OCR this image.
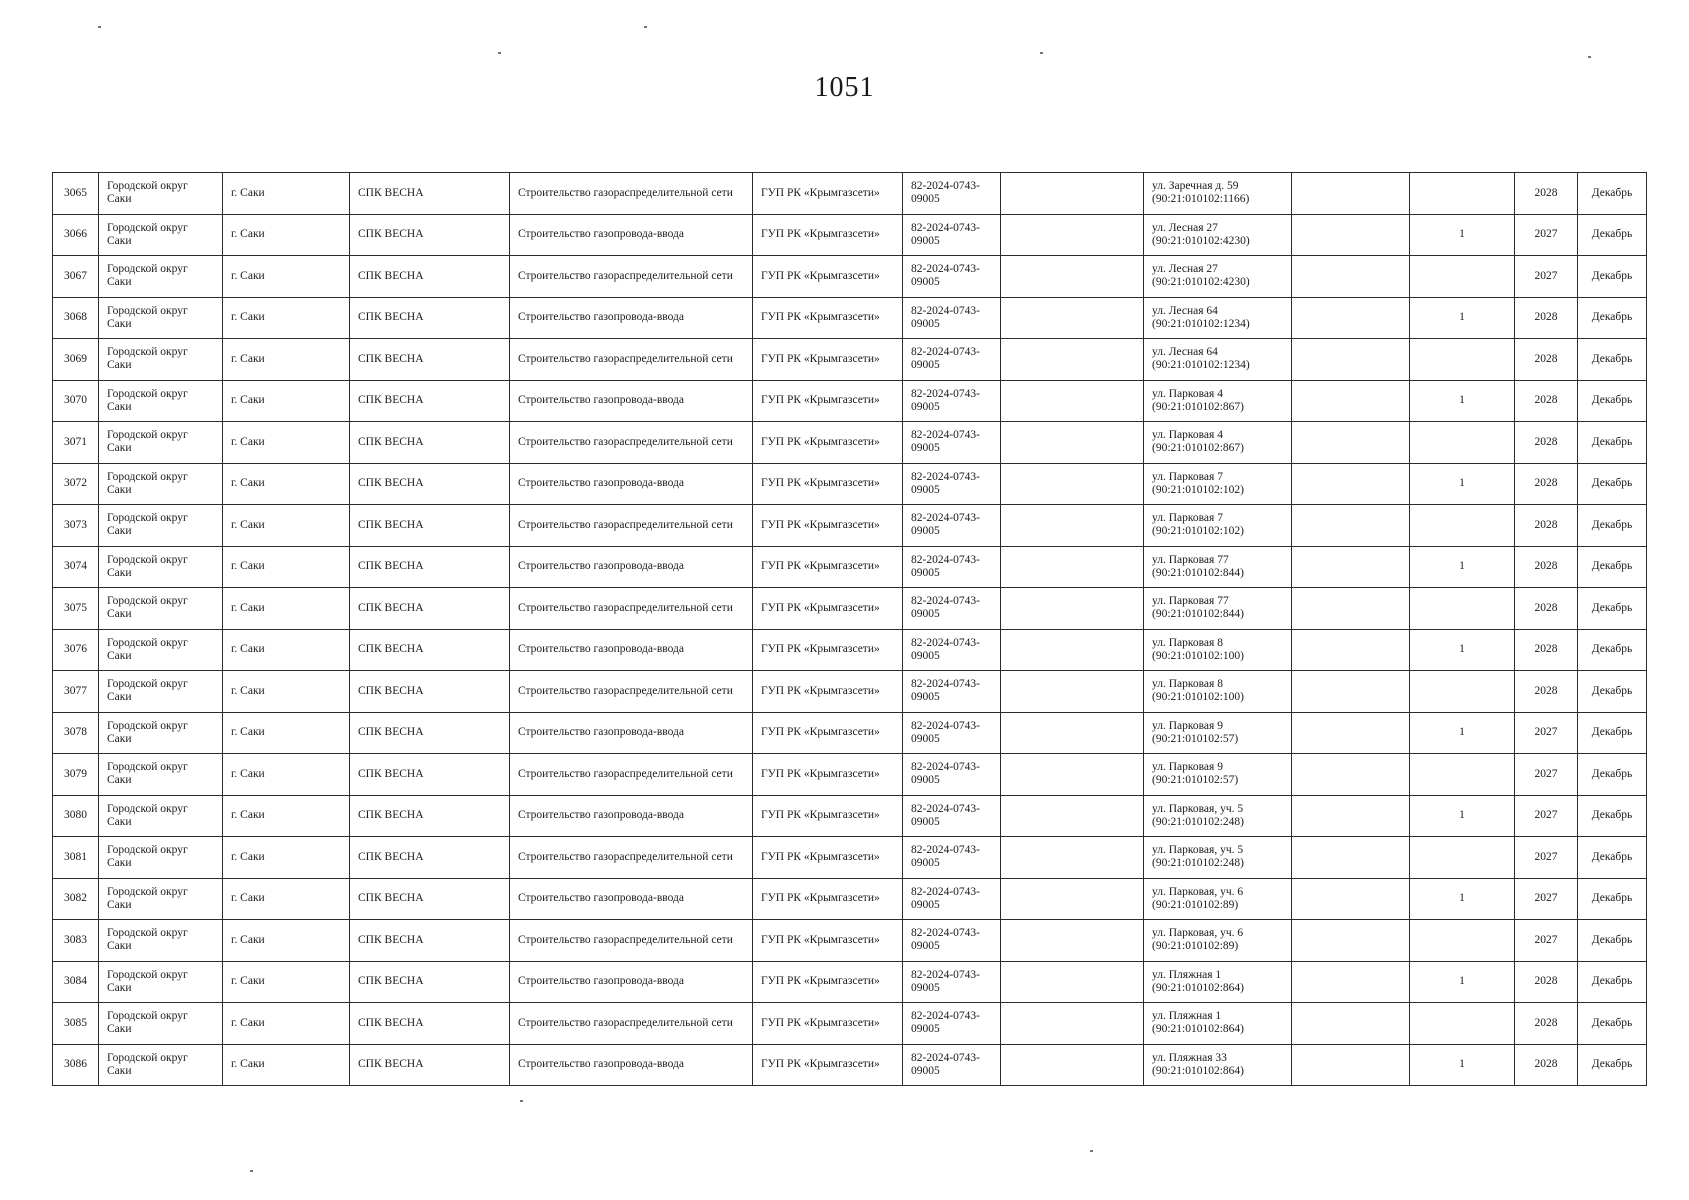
1051
3065	Городской округ Саки	г. Саки	СПК ВЕСНА	Строительство газораспределительной сети	ГУП РК «Крымгазсети»	82-2024-0743-09005		ул. Заречная д. 59 (90:21:010102:1166)			2028	Декабрь
3066	Городской округ Саки	г. Саки	СПК ВЕСНА	Строительство газопровода-ввода	ГУП РК «Крымгазсети»	82-2024-0743-09005		ул. Лесная 27 (90:21:010102:4230)		1	2027	Декабрь
3067	Городской округ Саки	г. Саки	СПК ВЕСНА	Строительство газораспределительной сети	ГУП РК «Крымгазсети»	82-2024-0743-09005		ул. Лесная 27 (90:21:010102:4230)			2027	Декабрь
3068	Городской округ Саки	г. Саки	СПК ВЕСНА	Строительство газопровода-ввода	ГУП РК «Крымгазсети»	82-2024-0743-09005		ул. Лесная 64 (90:21:010102:1234)		1	2028	Декабрь
3069	Городской округ Саки	г. Саки	СПК ВЕСНА	Строительство газораспределительной сети	ГУП РК «Крымгазсети»	82-2024-0743-09005		ул. Лесная 64 (90:21:010102:1234)			2028	Декабрь
3070	Городской округ Саки	г. Саки	СПК ВЕСНА	Строительство газопровода-ввода	ГУП РК «Крымгазсети»	82-2024-0743-09005		ул. Парковая 4 (90:21:010102:867)		1	2028	Декабрь
3071	Городской округ Саки	г. Саки	СПК ВЕСНА	Строительство газораспределительной сети	ГУП РК «Крымгазсети»	82-2024-0743-09005		ул. Парковая 4 (90:21:010102:867)			2028	Декабрь
3072	Городской округ Саки	г. Саки	СПК ВЕСНА	Строительство газопровода-ввода	ГУП РК «Крымгазсети»	82-2024-0743-09005		ул. Парковая 7 (90:21:010102:102)		1	2028	Декабрь
3073	Городской округ Саки	г. Саки	СПК ВЕСНА	Строительство газораспределительной сети	ГУП РК «Крымгазсети»	82-2024-0743-09005		ул. Парковая 7 (90:21:010102:102)			2028	Декабрь
3074	Городской округ Саки	г. Саки	СПК ВЕСНА	Строительство газопровода-ввода	ГУП РК «Крымгазсети»	82-2024-0743-09005		ул. Парковая 77 (90:21:010102:844)		1	2028	Декабрь
3075	Городской округ Саки	г. Саки	СПК ВЕСНА	Строительство газораспределительной сети	ГУП РК «Крымгазсети»	82-2024-0743-09005		ул. Парковая 77 (90:21:010102:844)			2028	Декабрь
3076	Городской округ Саки	г. Саки	СПК ВЕСНА	Строительство газопровода-ввода	ГУП РК «Крымгазсети»	82-2024-0743-09005		ул. Парковая 8 (90:21:010102:100)		1	2028	Декабрь
3077	Городской округ Саки	г. Саки	СПК ВЕСНА	Строительство газораспределительной сети	ГУП РК «Крымгазсети»	82-2024-0743-09005		ул. Парковая 8 (90:21:010102:100)			2028	Декабрь
3078	Городской округ Саки	г. Саки	СПК ВЕСНА	Строительство газопровода-ввода	ГУП РК «Крымгазсети»	82-2024-0743-09005		ул. Парковая 9 (90:21:010102:57)		1	2027	Декабрь
3079	Городской округ Саки	г. Саки	СПК ВЕСНА	Строительство газораспределительной сети	ГУП РК «Крымгазсети»	82-2024-0743-09005		ул. Парковая 9 (90:21:010102:57)			2027	Декабрь
3080	Городской округ Саки	г. Саки	СПК ВЕСНА	Строительство газопровода-ввода	ГУП РК «Крымгазсети»	82-2024-0743-09005		ул. Парковая, уч. 5 (90:21:010102:248)		1	2027	Декабрь
3081	Городской округ Саки	г. Саки	СПК ВЕСНА	Строительство газораспределительной сети	ГУП РК «Крымгазсети»	82-2024-0743-09005		ул. Парковая, уч. 5 (90:21:010102:248)			2027	Декабрь
3082	Городской округ Саки	г. Саки	СПК ВЕСНА	Строительство газопровода-ввода	ГУП РК «Крымгазсети»	82-2024-0743-09005		ул. Парковая, уч. 6 (90:21:010102:89)		1	2027	Декабрь
3083	Городской округ Саки	г. Саки	СПК ВЕСНА	Строительство газораспределительной сети	ГУП РК «Крымгазсети»	82-2024-0743-09005		ул. Парковая, уч. 6 (90:21:010102:89)			2027	Декабрь
3084	Городской округ Саки	г. Саки	СПК ВЕСНА	Строительство газопровода-ввода	ГУП РК «Крымгазсети»	82-2024-0743-09005		ул. Пляжная 1 (90:21:010102:864)		1	2028	Декабрь
3085	Городской округ Саки	г. Саки	СПК ВЕСНА	Строительство газораспределительной сети	ГУП РК «Крымгазсети»	82-2024-0743-09005		ул. Пляжная 1 (90:21:010102:864)			2028	Декабрь
3086	Городской округ Саки	г. Саки	СПК ВЕСНА	Строительство газопровода-ввода	ГУП РК «Крымгазсети»	82-2024-0743-09005		ул. Пляжная 33 (90:21:010102:864)		1	2028	Декабрь
